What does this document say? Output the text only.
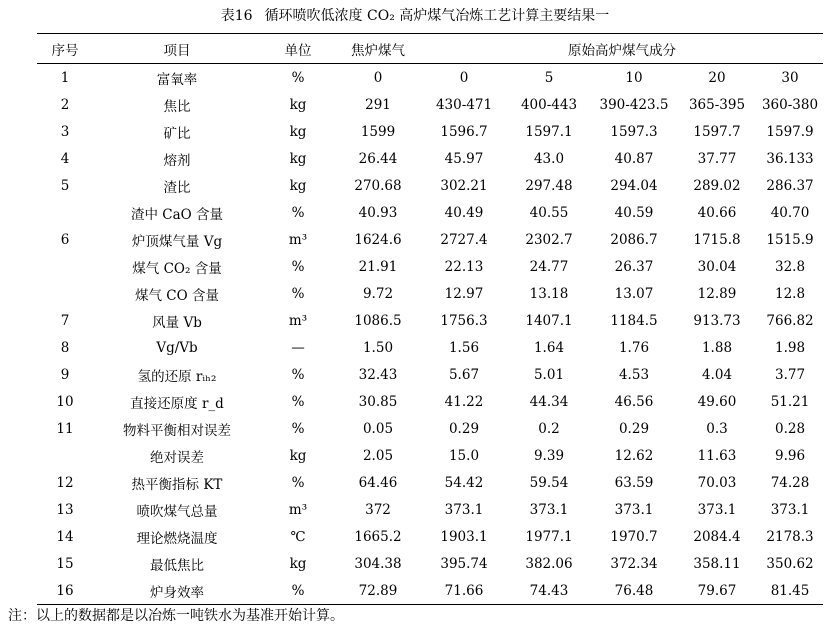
表16 循环喷吹低浓度 CO₂ 高炉煤气冶炼工艺计算主要结果一
序号	项目	单位	焦炉煤气	原始高炉煤气成分				
1	富氧率	%	0	0	5	10	20	30
2	焦比	kg	291	430-471	400-443	390-423.5	365-395	360-380
3	矿比	kg	1599	1596.7	1597.1	1597.3	1597.7	1597.9
4	熔剂	kg	26.44	45.97	43.0	40.87	37.77	36.133
5	渣比	kg	270.68	302.21	297.48	294.04	289.02	286.37
	渣中 CaO 含量	%	40.93	40.49	40.55	40.59	40.66	40.70
6	炉顶煤气量 Vg	m³	1624.6	2727.4	2302.7	2086.7	1715.8	1515.9
	煤气 CO₂ 含量	%	21.91	22.13	24.77	26.37	30.04	32.8
	煤气 CO 含量	%	9.72	12.97	13.18	13.07	12.89	12.8
7	风量 Vb	m³	1086.5	1756.3	1407.1	1184.5	913.73	766.82
8	Vg/Vb	—	1.50	1.56	1.64	1.76	1.88	1.98
9	氢的还原 rᵢₕ₂	%	32.43	5.67	5.01	4.53	4.04	3.77
10	直接还原度 r_d	%	30.85	41.22	44.34	46.56	49.60	51.21
11	物料平衡相对误差	%	0.05	0.29	0.2	0.29	0.3	0.28
	绝对误差	kg	2.05	15.0	9.39	12.62	11.63	9.96
12	热平衡指标 KT	%	64.46	54.42	59.54	63.59	70.03	74.28
13	喷吹煤气总量	m³	372	373.1	373.1	373.1	373.1	373.1
14	理论燃烧温度	℃	1665.2	1903.1	1977.1	1970.7	2084.4	2178.3
15	最低焦比	kg	304.38	395.74	382.06	372.34	358.11	350.62
16	炉身效率	%	72.89	71.66	74.43	76.48	79.67	81.45
注：以上的数据都是以冶炼一吨铁水为基准开始计算。
